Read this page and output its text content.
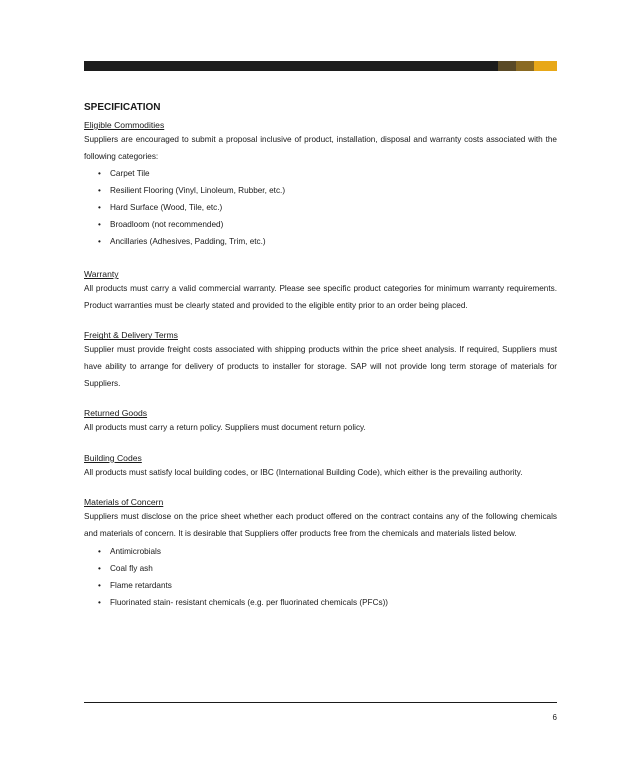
SPECIFICATION
Eligible Commodities

Suppliers are encouraged to submit a proposal inclusive of product, installation, disposal and warranty costs associated with the following categories:

• Carpet Tile
• Resilient Flooring (Vinyl, Linoleum, Rubber, etc.)
• Hard Surface (Wood, Tile, etc.)
• Broadloom (not recommended)
• Ancillaries (Adhesives, Padding, Trim, etc.)
Warranty

All products must carry a valid commercial warranty. Please see specific product categories for minimum warranty requirements. Product warranties must be clearly stated and provided to the eligible entity prior to an order being placed.

Freight & Delivery Terms

Supplier must provide freight costs associated with shipping products within the price sheet analysis. If required, Suppliers must have ability to arrange for delivery of products to installer for storage. SAP will not provide long term storage of materials for Suppliers.

Returned Goods

All products must carry a return policy. Suppliers must document return policy.

Building Codes

All products must satisfy local building codes, or IBC (International Building Code), which either is the prevailing authority.

Materials of Concern

Suppliers must disclose on the price sheet whether each product offered on the contract contains any of the following chemicals and materials of concern. It is desirable that Suppliers offer products free from the chemicals and materials listed below.

• Antimicrobials
• Coal fly ash
• Flame retardants
• Fluorinated stain- resistant chemicals (e.g. per fluorinated chemicals (PFCs))
6
